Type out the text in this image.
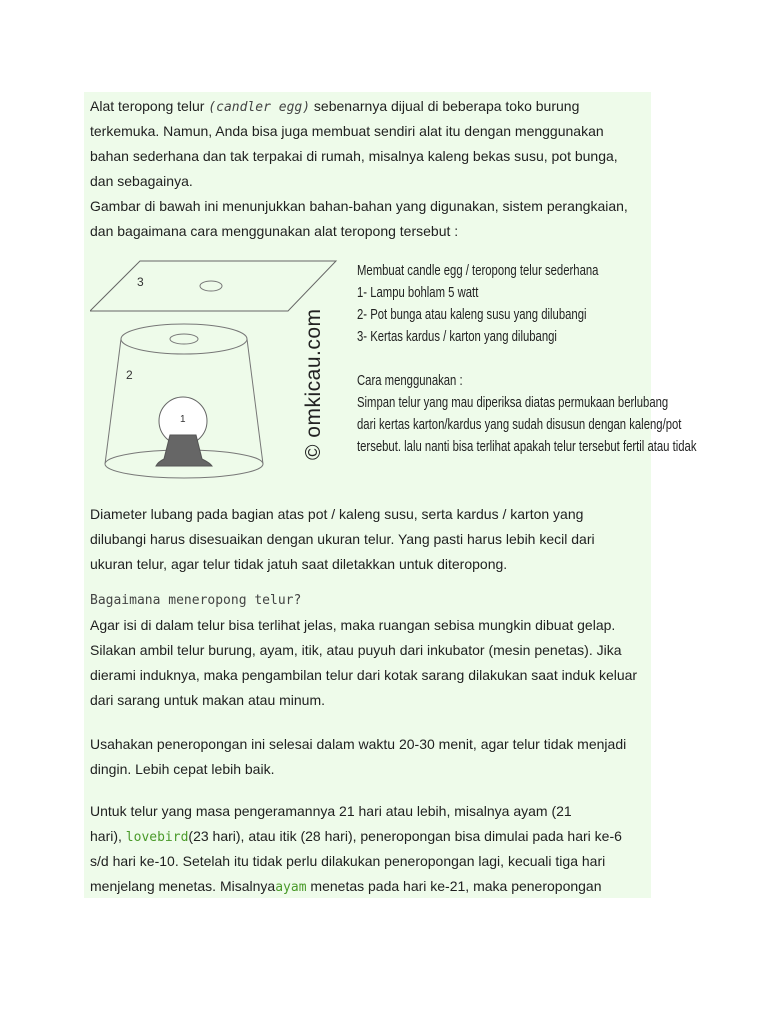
Alat teropong telur (candler egg) sebenarnya dijual di beberapa toko burung

terkemuka. Namun, Anda bisa juga membuat sendiri alat itu dengan menggunakan

bahan sederhana dan tak terpakai di rumah, misalnya kaleng bekas susu, pot bunga,

dan sebagainya.

Gambar di bawah ini menunjukkan bahan-bahan yang digunakan, sistem perangkaian,

dan bagaimana cara menggunakan alat teropong tersebut :

3
2
1	© omkicau.com
Membuat candle egg / teropong telur sederhana
1- Lampu bohlam 5 watt
2- Pot bunga atau kaleng susu yang dilubangi
3- Kertas kardus / karton yang dilubangi
Cara menggunakan :
Simpan telur yang mau diperiksa diatas permukaan berlubang
dari kertas karton/kardus yang sudah disusun dengan kaleng/pot
tersebut. lalu nanti bisa terlihat apakah telur tersebut fertil atau tidak

Diameter lubang pada bagian atas pot / kaleng susu, serta kardus / karton yang

dilubangi harus disesuaikan dengan ukuran telur. Yang pasti harus lebih kecil dari

ukuran telur, agar telur tidak jatuh saat diletakkan untuk diteropong.

Bagaimana meneropong telur?

Agar isi di dalam telur bisa terlihat jelas, maka ruangan sebisa mungkin dibuat gelap.

Silakan ambil telur burung, ayam, itik, atau puyuh dari inkubator (mesin penetas). Jika

dierami induknya, maka pengambilan telur dari kotak sarang dilakukan saat induk keluar

dari sarang untuk makan atau minum.

Usahakan peneropongan ini selesai dalam waktu 20-30 menit, agar telur tidak menjadi

dingin. Lebih cepat lebih baik.

Untuk telur yang masa pengeramannya 21 hari atau lebih, misalnya ayam (21

hari), lovebird(23 hari), atau itik (28 hari), peneropongan bisa dimulai pada hari ke-6

s/d hari ke-10. Setelah itu tidak perlu dilakukan peneropongan lagi, kecuali tiga hari

menjelang menetas. Misalnyaayam menetas pada hari ke-21, maka peneropongan
